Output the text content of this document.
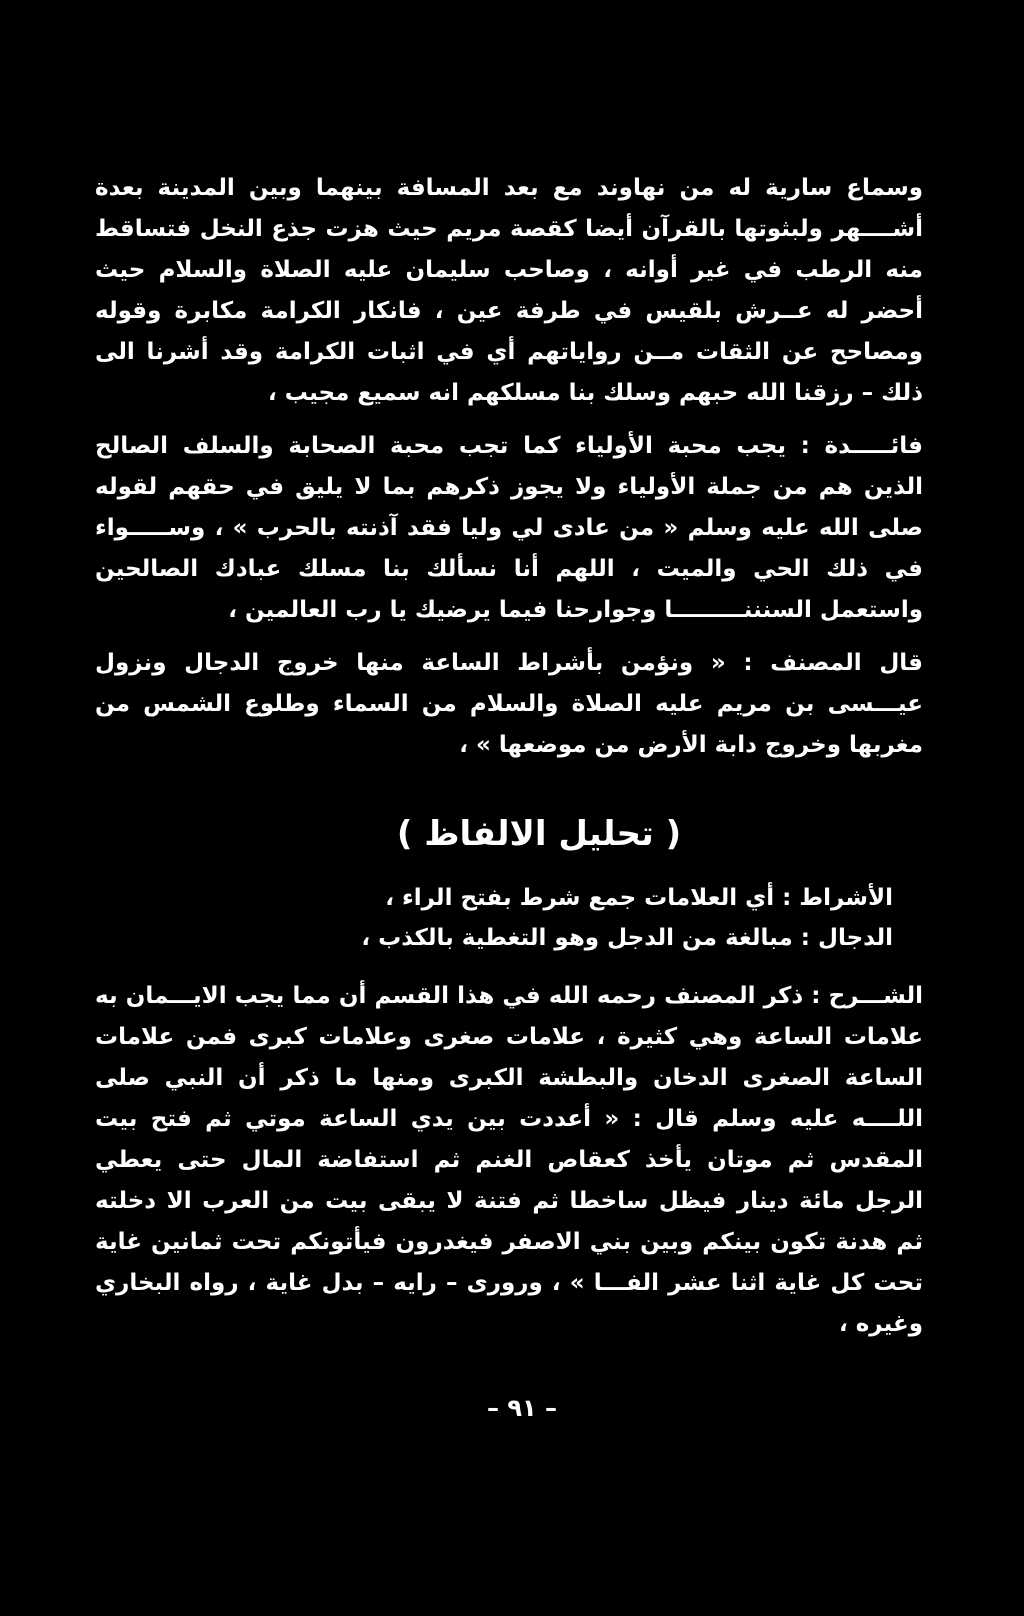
وسماع سارية له من نهاوند مع بعد المسافة بينهما وبين المدينة بعدة أشــــهر ولبثوتها بالقرآن أيضا كقصة مريم حيث هزت جذع النخل فتساقط منه الرطب في غير أوانه ، وصاحب سليمان عليه الصلاة والسلام حيث أحضر له عــرش بلقيس في طرفة عين ، فانكار الكرامة مكابرة وقوله ومصاحح عن الثقات مــن رواياتهم أي في اثبات الكرامة وقد أشرنا الى ذلك – رزقنا الله حبهم وسلك بنا مسلكهم انه سميع مجيب ،

فائـــــدة : يجب محبة الأولياء كما تجب محبة الصحابة والسلف الصالح الذين هم من جملة الأولياء ولا يجوز ذكرهم بما لا يليق في حقهم لقوله صلى الله عليه وسلم « من عادى لي وليا فقد آذنته بالحرب » ، وســـــواء في ذلك الحي والميت ، اللهم أنا نسألك بنا مسلك عبادك الصالحين واستعمل السنننـــــــــا وجوارحنا فيما يرضيك يا رب العالمين ،

قال المصنف : « ونؤمن بأشراط الساعة منها خروج الدجال ونزول عيـــسى بن مريم عليه الصلاة والسلام من السماء وطلوع الشمس من مغربها وخروج دابة الأرض من موضعها » ،

( تحليل الالفاظ )

الأشراط : أي العلامات جمع شرط بفتح الراء ،

الدجال : مبالغة من الدجل وهو التغطية بالكذب ،

الشـــرح : ذكر المصنف رحمه الله في هذا القسم أن مما يجب الايـــمان به علامات الساعة وهي كثيرة ، علامات صغرى وعلامات كبرى فمن علامات الساعة الصغرى الدخان والبطشة الكبرى ومنها ما ذكر أن النبي صلى اللــــه عليه وسلم قال : « أعددت بين يدي الساعة موتي ثم فتح بيت المقدس ثم موتان يأخذ كعقاص الغنم ثم استفاضة المال حتى يعطي الرجل مائة دينار فيظل ساخطا ثم فتنة لا يبقى بيت من العرب الا دخلته ثم هدنة تكون بينكم وبين بني الاصفر فيغدرون فيأتونكم تحت ثمانين غاية تحت كل غاية اثنا عشر الفـــا » ، ورورى – رايه – بدل غاية ، رواه البخاري وغيره ،

– ٩١ –
